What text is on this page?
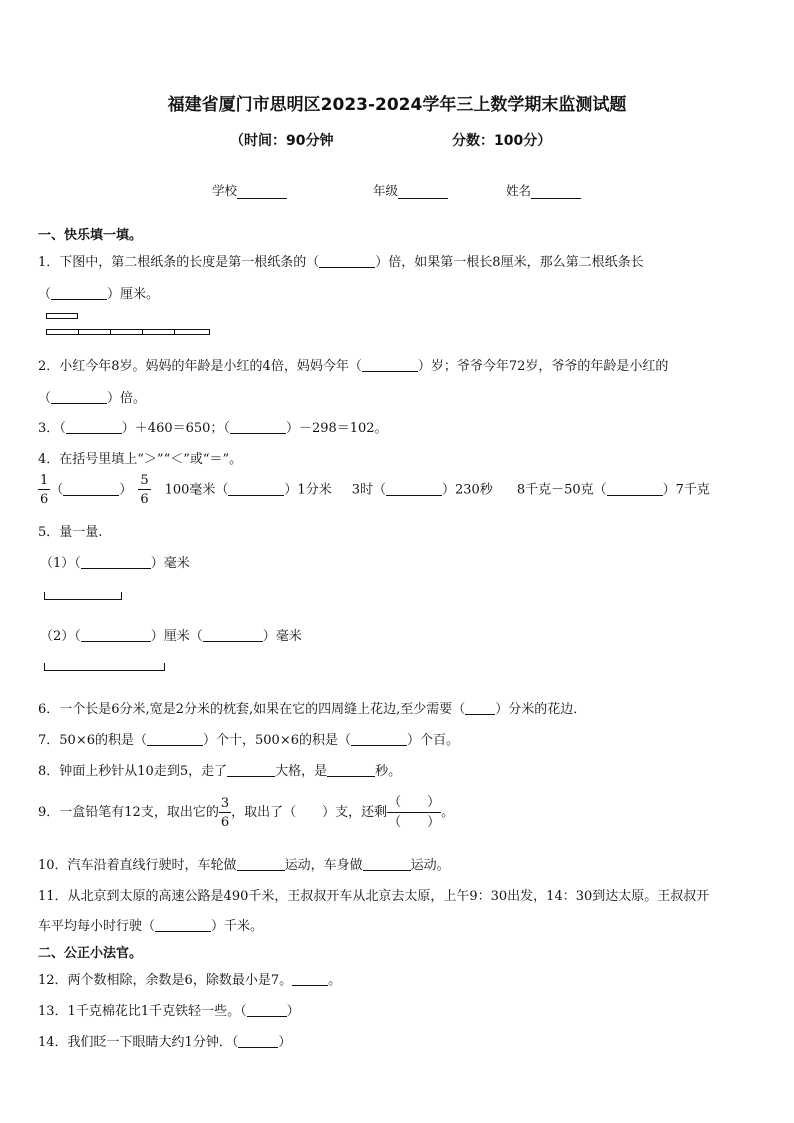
福建省厦门市思明区2023-2024学年三上数学期末监测试题
（时间：90分钟	分数：100分）
学校	年级	姓名
一、快乐填一填。
1．下图中，第二根纸条的长度是第一根纸条的（	）倍，如果第一根长8厘米，那么第二根纸条长
（	）厘米。
2．小红今年8岁。妈妈的年龄是小红的4倍，妈妈今年（	）岁；爷爷今年72岁，爷爷的年龄是小红的
（	）倍。
3．（	）＋460＝650；（	）－298＝102。
4．在括号里填上“＞”“＜”或“＝”。
$\frac{1}{6}$ （	） $\frac{5}{6} 100$毫米（	）1分米 3时（	）230秒 8千克－50克（	）7千克
5．量一量.
（1）（	）毫米
（2）（	）厘米（	）毫米
6．一个长是6分米,宽是2分米的枕套,如果在它的四周缝上花边,至少需要（ ）分米的花边．
7．50×6的积是（	）个十，500×6的积是（	）个百。
8．钟面上秒针从10走到5，走了	大格，是	秒。
9．一盒铅笔有12支，取出它的 $\frac{3}{6}$ ，取出了（　　）支，还剩
（　　）
（　　）
。
10．汽车沿着直线行驶时，车轮做	运动，车身做	运动。
11．从北京到太原的高速公路是490千米，王叔叔开车从北京去太原，上午9：30出发，14：30到达太原。王叔叔开
车平均每小时行驶（	）千米。
二、公正小法官。
12．两个数相除，余数是6，除数最小是7。	。
13．1千克棉花比1千克铁轻一些。（	）
14．我们眨一下眼睛大约1分钟．（	）
